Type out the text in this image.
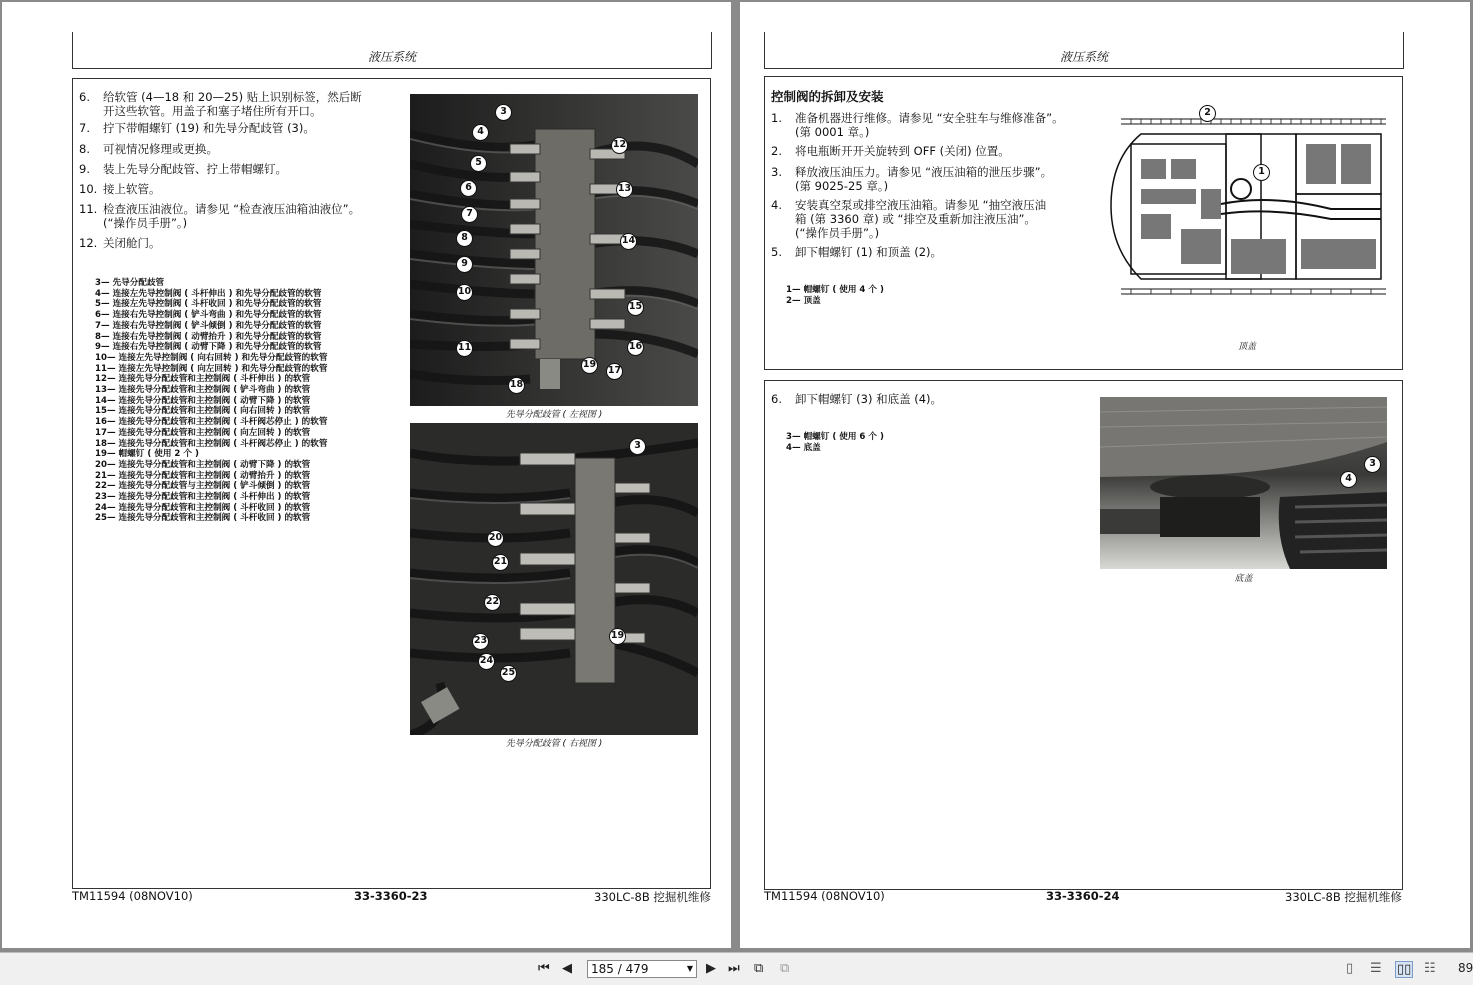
液压系统
6. 给软管 (4—18 和 20—25) 贴上识别标签，然后断
开这些软管。用盖子和塞子堵住所有开口。
7. 拧下带帽螺钉 (19) 和先导分配歧管 (3)。
8. 可视情况修理或更换。
9. 装上先导分配歧管、拧上带帽螺钉。
10. 接上软管。
11. 检查液压油液位。请参见 “检查液压油箱油液位”。
(“操作员手册”。)
12. 关闭舱门。
3— 先导分配歧管
4— 连接左先导控制阀 ( 斗杆伸出 ) 和先导分配歧管的软管
5— 连接左先导控制阀 ( 斗杆收回 ) 和先导分配歧管的软管
6— 连接右先导控制阀 ( 铲斗弯曲 ) 和先导分配歧管的软管
7— 连接右先导控制阀 ( 铲斗倾倒 ) 和先导分配歧管的软管
8— 连接右先导控制阀 ( 动臂抬升 ) 和先导分配歧管的软管
9— 连接右先导控制阀 ( 动臂下降 ) 和先导分配歧管的软管
10— 连接左先导控制阀 ( 向右回转 ) 和先导分配歧管的软管
11— 连接左先导控制阀 ( 向左回转 ) 和先导分配歧管的软管
12— 连接先导分配歧管和主控制阀 ( 斗杆伸出 ) 的软管
13— 连接先导分配歧管和主控制阀 ( 铲斗弯曲 ) 的软管
14— 连接先导分配歧管和主控制阀 ( 动臂下降 ) 的软管
15— 连接先导分配歧管和主控制阀 ( 向右回转 ) 的软管
16— 连接先导分配歧管和主控制阀 ( 斗杆阀芯停止 ) 的软管
17— 连接先导分配歧管和主控制阀 ( 向左回转 ) 的软管
18— 连接先导分配歧管和主控制阀 ( 斗杆阀芯停止 ) 的软管
19— 帽螺钉 ( 使用 2 个 )
20— 连接先导分配歧管和主控制阀 ( 动臂下降 ) 的软管
21— 连接先导分配歧管和主控制阀 ( 动臂抬升 ) 的软管
22— 连接先导分配歧管与主控制阀 ( 铲斗倾倒 ) 的软管
23— 连接先导分配歧管和主控制阀 ( 斗杆伸出 ) 的软管
24— 连接先导分配歧管和主控制阀 ( 斗杆收回 ) 的软管
25— 连接先导分配歧管和主控制阀 ( 斗杆收回 ) 的软管
先导分配歧管 ( 左视图 )
先导分配歧管 ( 右视图 )
TM11594 (08NOV10)	33-3360-23	330LC-8B 挖掘机维修
液压系统
控制阀的拆卸及安装
1. 准备机器进行维修。请参见 “安全驻车与维修准备”。
(第 0001 章。)
2. 将电瓶断开开关旋转到 OFF (关闭) 位置。
3. 释放液压油压力。请参见 “液压油箱的泄压步骤”。
(第 9025-25 章。)
4. 安装真空泵或排空液压油箱。请参见 “抽空液压油
箱 (第 3360 章) 或 “排空及重新加注液压油”。
(“操作员手册”。)
5. 卸下帽螺钉 (1) 和顶盖 (2)。
1— 帽螺钉 ( 使用 4 个 )
2— 顶盖
顶盖
6. 卸下帽螺钉 (3) 和底盖 (4)。
3— 帽螺钉 ( 使用 6 个 )
4— 底盖
底盖
TM11594 (08NOV10)	33-3360-24	330LC-8B 挖掘机维修
3
4
5
6
7
8
9
10
11
12
13
14
15
16
17
18
19
3
20
21
22
23
24
25
19
2
1
4
3
⏮ ◀	185 / 479	▼ ▶ ⏭ ⧉ ⧉	▯ ☰ ▯▯ ☷ 89
